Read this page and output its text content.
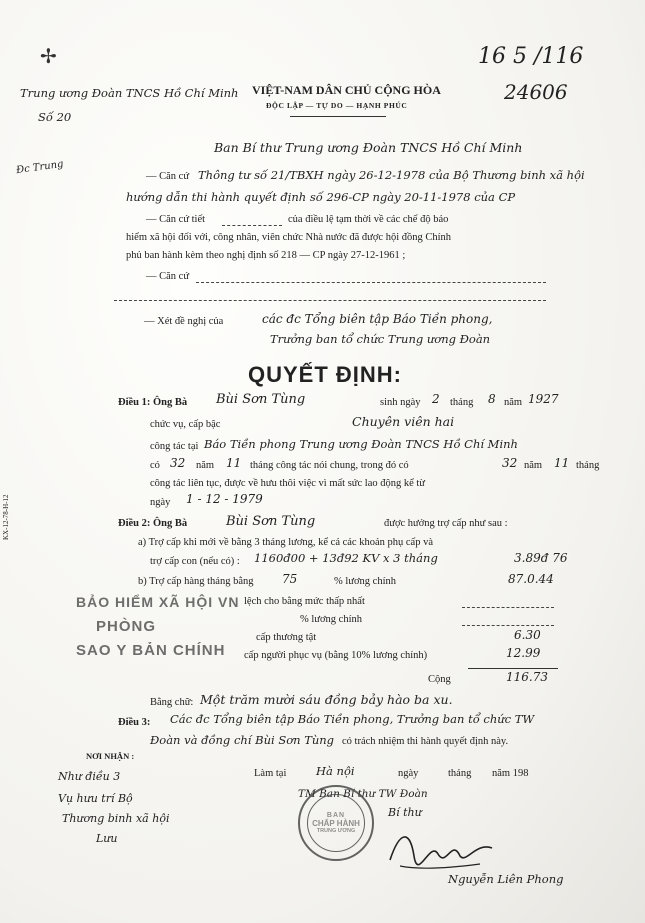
16 5 /116
24606
✢
Trung ương Đoàn TNCS Hồ Chí Minh
Số 20
VIỆT-NAM DÂN CHỦ CỘNG HÒA
ĐỘC LẬP — TỰ DO — HẠNH PHÚC
Đc Trung
Ban Bí thư Trung ương Đoàn TNCS Hồ Chí Minh
— Căn cứ Thông tư số 21/TBXH ngày 26-12-1978 của Bộ Thương binh xã hội
hướng dẫn thi hành quyết định số 296-CP ngày 20-11-1978 của CP
— Căn cứ tiết	của điều lệ tạm thời về các chế độ bảo
hiểm xã hội đối với, công nhân, viên chức Nhà nước đã được hội đồng Chính
phủ ban hành kèm theo nghị định số 218 — CP ngày 27-12-1961 ;
— Căn cứ
— Xét đề nghị của	các đc Tổng biên tập Báo Tiền phong,
Trưởng ban tổ chức Trung ương Đoàn
QUYẾT ĐỊNH:
Điều 1: Ông Bà Bùi Sơn Tùng	sinh ngày 2 tháng 8 năm 1927
chức vụ, cấp bậc	Chuyên viên hai
công tác tại Báo Tiền phong Trung ương Đoàn TNCS Hồ Chí Minh
có 32 năm 11 tháng công tác nói chung, trong đó có	32 năm 11 tháng
công tác liên tục, được về hưu thôi việc vì mất sức lao động kể từ
ngày 1 - 12 - 1979
KX-12-78-H-12	Điều 2: Ông Bà	Bùi Sơn Tùng	được hưởng trợ cấp như sau :
a) Trợ cấp khi mới về bằng 3 tháng lương, kể cả các khoản phụ cấp và
trợ cấp con (nếu có) : 1160đ00 + 13đ92 KV x 3 tháng	3.89đ 76
b) Trợ cấp hàng tháng bằng 75	% lương chính	87.0.44
lệch cho bằng mức thấp nhất
% lương chính
cấp thương tật	6.30
cấp người phục vụ (bằng 10% lương chính)	12.99
Cộng	116.73
Bằng chữ: Một trăm mười sáu đồng bảy hào ba xu.
BẢO HIỂM XÃ HỘI VN
PHÒNG
SAO Y BẢN CHÍNH
Điều 3: Các đc Tổng biên tập Báo Tiền phong, Trưởng ban tổ chức TW
Đoàn và đồng chí Bùi Sơn Tùng có trách nhiệm thi hành quyết định này.
NƠI NHẬN :
Như điều 3
Vụ hưu trí Bộ
Thương binh xã hội
Lưu
Làm tại	Hà nội	ngày	tháng năm 198
TM Ban Bí thư TW Đoàn
Bí thư
BAN
CHẤP HÀNH
TRUNG ƯƠNG
Nguyễn Liên Phong
